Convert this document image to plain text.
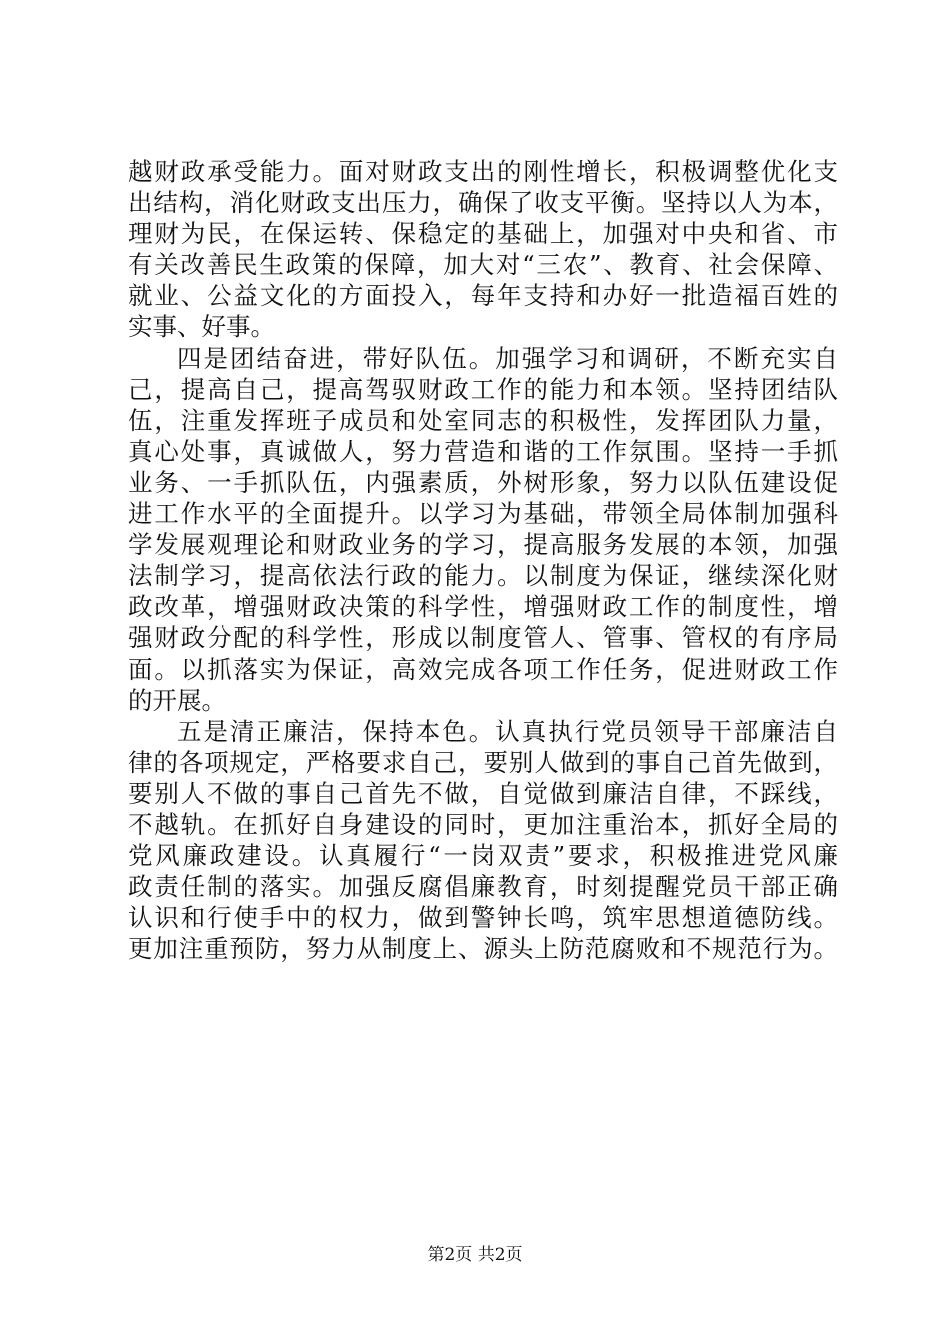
越财政承受能力。面对财政支出的刚性增长，积极调整优化支
出结构，消化财政支出压力，确保了收支平衡。坚持以人为本，
理财为民，在保运转、保稳定的基础上，加强对中央和省、市
有关改善民生政策的保障，加大对“三农”、教育、社会保障、
就业、公益文化的方面投入，每年支持和办好一批造福百姓的
实事、好事。
四是团结奋进，带好队伍。加强学习和调研，不断充实自
己，提高自己，提高驾驭财政工作的能力和本领。坚持团结队
伍，注重发挥班子成员和处室同志的积极性，发挥团队力量，
真心处事，真诚做人，努力营造和谐的工作氛围。坚持一手抓
业务、一手抓队伍，内强素质，外树形象，努力以队伍建设促
进工作水平的全面提升。以学习为基础，带领全局体制加强科
学发展观理论和财政业务的学习，提高服务发展的本领，加强
法制学习，提高依法行政的能力。以制度为保证，继续深化财
政改革，增强财政决策的科学性，增强财政工作的制度性，增
强财政分配的科学性，形成以制度管人、管事、管权的有序局
面。以抓落实为保证，高效完成各项工作任务，促进财政工作
的开展。
五是清正廉洁，保持本色。认真执行党员领导干部廉洁自
律的各项规定，严格要求自己，要别人做到的事自己首先做到，
要别人不做的事自己首先不做，自觉做到廉洁自律，不踩线，
不越轨。在抓好自身建设的同时，更加注重治本，抓好全局的
党风廉政建设。认真履行“一岗双责”要求，积极推进党风廉
政责任制的落实。加强反腐倡廉教育，时刻提醒党员干部正确
认识和行使手中的权力，做到警钟长鸣，筑牢思想道德防线。
更加注重预防，努力从制度上、源头上防范腐败和不规范行为。
第2页 共2页
